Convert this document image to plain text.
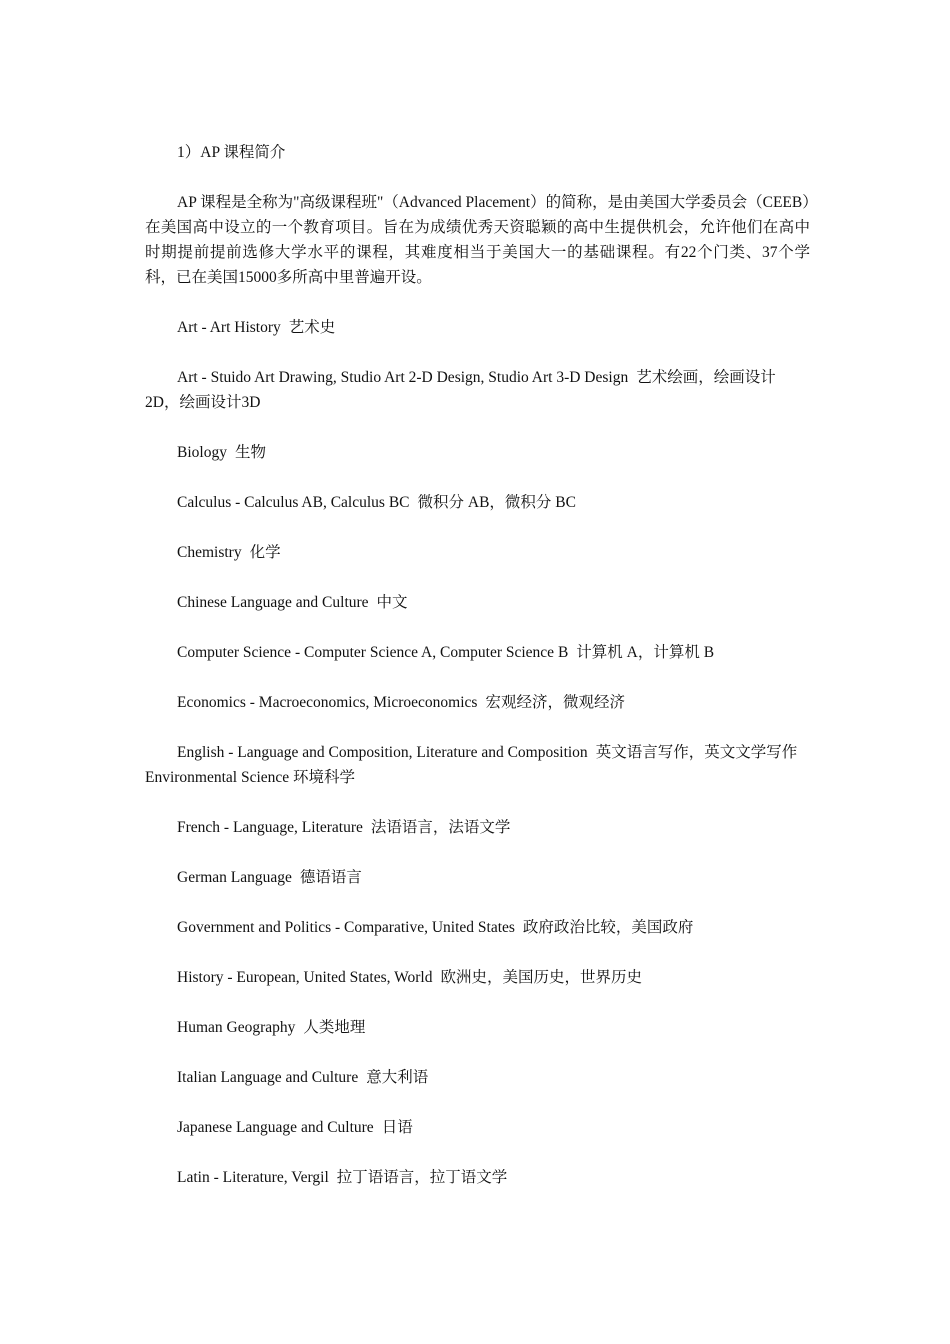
1）AP 课程简介

AP 课程是全称为"高级课程班"（Advanced Placement）的简称，是由美国大学委员会（CEEB）在美国高中设立的一个教育项目。旨在为成绩优秀天资聪颖的高中生提供机会，允许他们在高中时期提前提前选修大学水平的课程，其难度相当于美国大一的基础课程。有22个门类、37个学科，已在美国15000多所高中里普遍开设。

Art - Art History 艺术史

Art - Stuido Art Drawing, Studio Art 2-D Design, Studio Art 3-D Design 艺术绘画，绘画设计2D，绘画设计3D

Biology 生物

Calculus - Calculus AB, Calculus BC 微积分 AB，微积分 BC

Chemistry 化学

Chinese Language and Culture 中文

Computer Science - Computer Science A, Computer Science B 计算机 A，计算机 B

Economics - Macroeconomics, Microeconomics 宏观经济，微观经济

English - Language and Composition, Literature and Composition 英文语言写作，英文文学写作 Environmental Science 环境科学

French - Language, Literature 法语语言，法语文学

German Language 德语语言

Government and Politics - Comparative, United States 政府政治比较，美国政府

History - European, United States, World 欧洲史，美国历史，世界历史

Human Geography 人类地理

Italian Language and Culture 意大利语

Japanese Language and Culture 日语

Latin - Literature, Vergil 拉丁语语言，拉丁语文学
